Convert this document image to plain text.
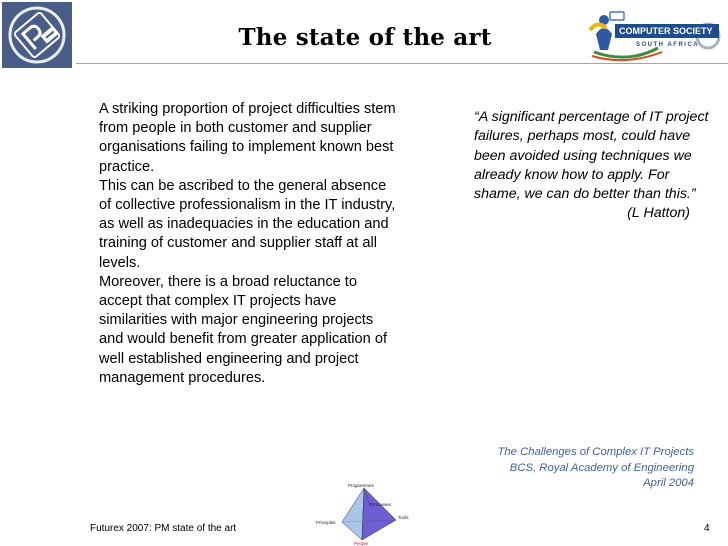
The state of the art	COMPUTER SOCIETY
SOUTH AFRICA

A striking proportion of project difficulties stem from people in both customer and supplier organisations failing to implement known best practice.

This can be ascribed to the general absence of collective professionalism in the IT industry, as well as inadequacies in the education and training of customer and supplier staff at all levels.

Moreover, there is a broad reluctance to accept that complex IT projects have similarities with major engineering projects and would benefit from greater application of well established engineering and project management procedures.

“A significant percentage of IT project failures, perhaps most, could have been avoided using techniques we already know how to apply. For shame, we can do better than this.”
(L Hatton)
The Challenges of Complex IT Projects
BCS, Royal Academy of Engineering
April 2004
Programmes
Processes
Principles
Tools
People
Futurex 2007: PM state of the art	4
